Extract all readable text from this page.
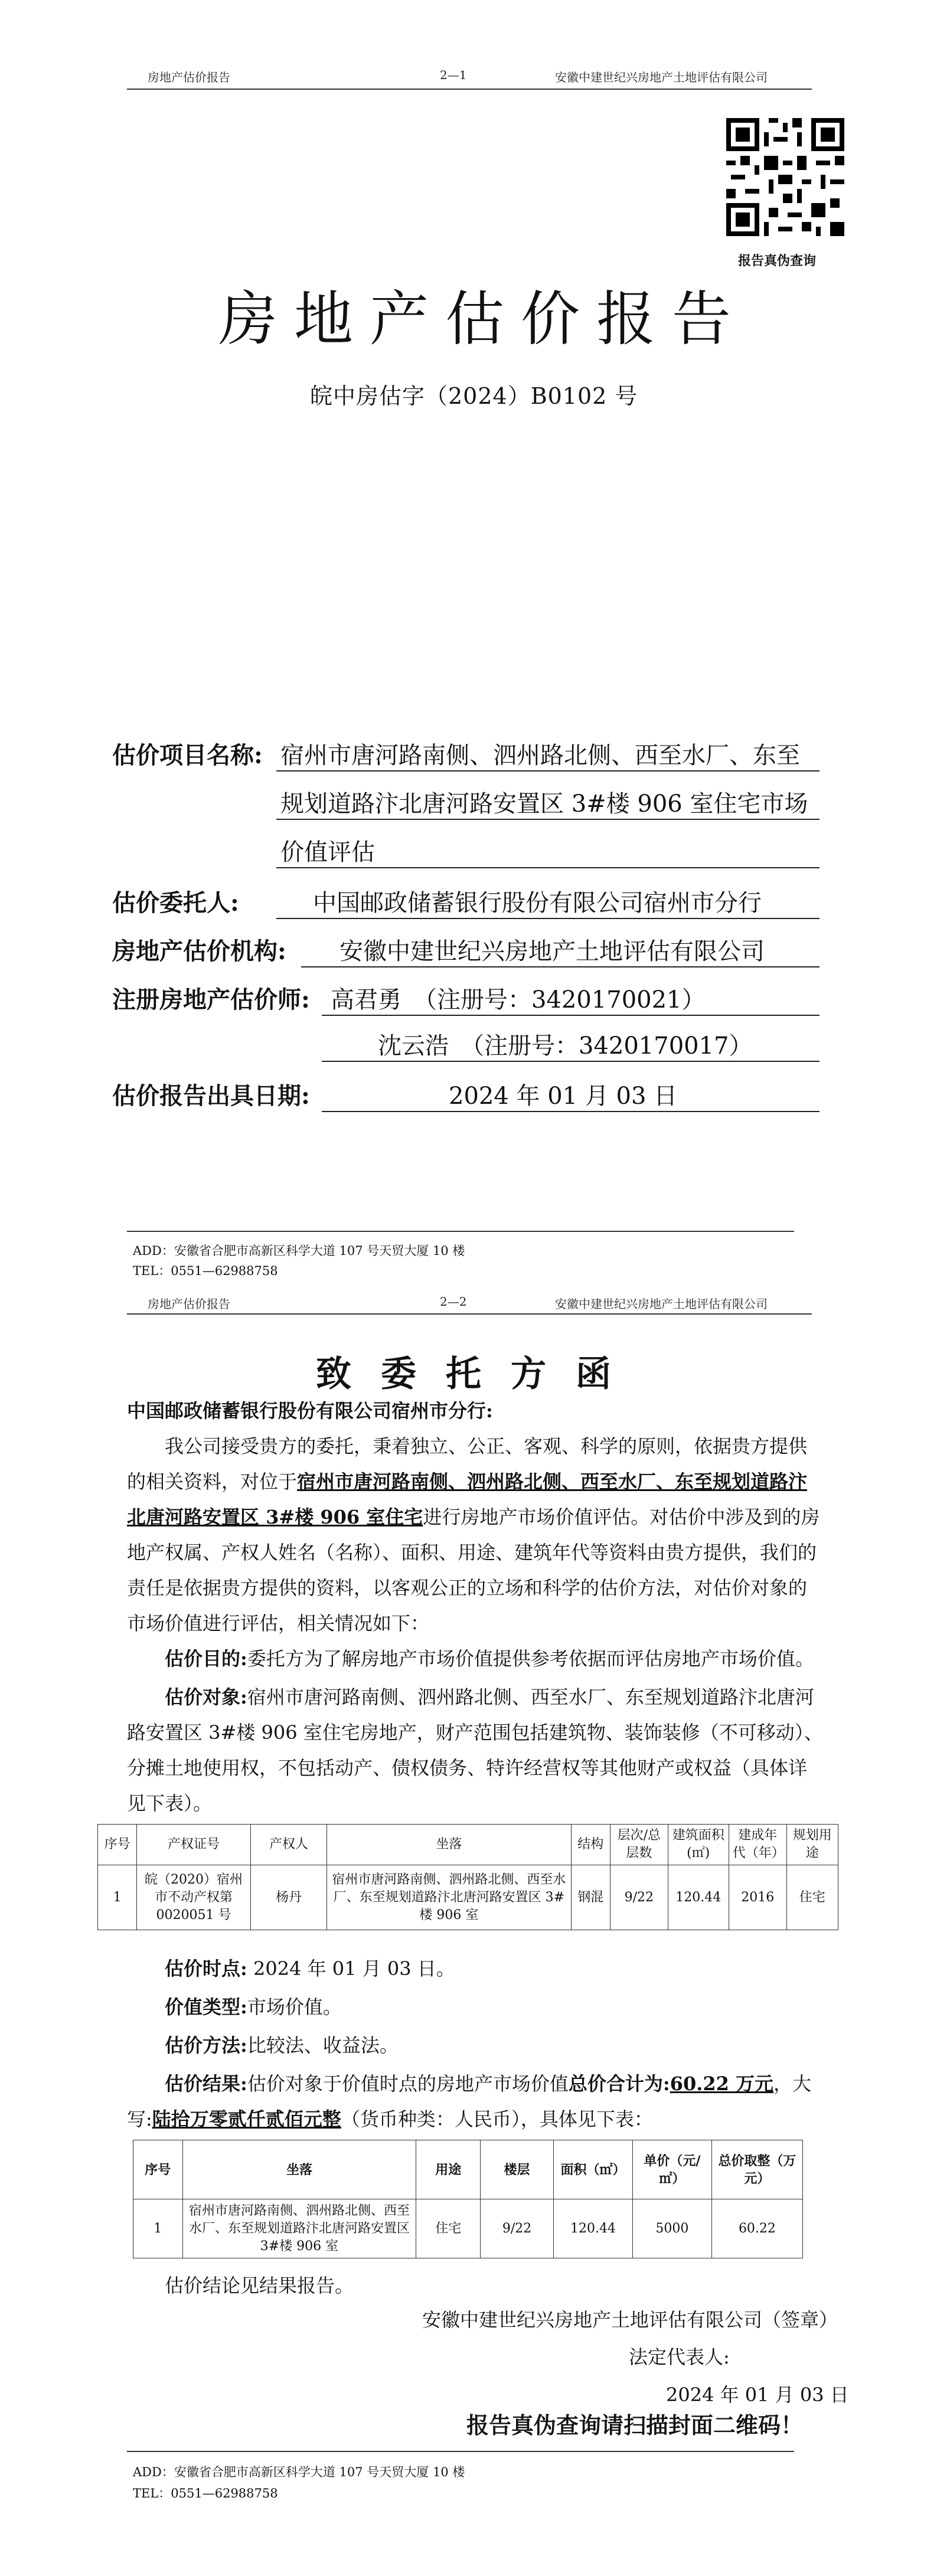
房地产估价报告	2—1	安徽中建世纪兴房地产土地评估有限公司
报告真伪查询
房地产估价报告
皖中房估字（2024）B0102 号
估价项目名称: 宿州市唐河路南侧、泗州路北侧、西至水厂、东至
规划道路汴北唐河路安置区 3#楼 906 室住宅市场
价值评估
估价委托人:	中国邮政储蓄银行股份有限公司宿州市分行
房地产估价机构: 安徽中建世纪兴房地产土地评估有限公司
注册房地产估价师: 高君勇　（注册号：3420170021）
沈云浩　（注册号：3420170017）
估价报告出具日期:	2024 年 01 月 03 日
ADD：安徽省合肥市高新区科学大道 107 号天贸大厦 10 楼
TEL：0551—62988758
房地产估价报告	2—2	安徽中建世纪兴房地产土地评估有限公司
致委托方函
中国邮政储蓄银行股份有限公司宿州市分行:
我公司接受贵方的委托，秉着独立、公正、客观、科学的原则，依据贵方提供的相关资料，对位于宿州市唐河路南侧、泗州路北侧、西至水厂、东至规划道路汴北唐河路安置区 3#楼 906 室住宅进行房地产市场价值评估。对估价中涉及到的房地产权属、产权人姓名（名称）、面积、用途、建筑年代等资料由贵方提供，我们的责任是依据贵方提供的资料，以客观公正的立场和科学的估价方法，对估价对象的市场价值进行评估，相关情况如下：
估价目的:委托方为了解房地产市场价值提供参考依据而评估房地产市场价值。
估价对象:宿州市唐河路南侧、泗州路北侧、西至水厂、东至规划道路汴北唐河路安置区 3#楼 906 室住宅房地产，财产范围包括建筑物、装饰装修（不可移动）、分摊土地使用权，不包括动产、债权债务、特许经营权等其他财产或权益（具体详见下表）。
序号	产权证号	产权人	坐落	结构	层次/总层数	建筑面积(㎡)	建成年代（年）	规划用途
1	皖（2020）宿州市不动产权第0020051 号	杨丹	宿州市唐河路南侧、泗州路北侧、西至水厂、东至规划道路汴北唐河路安置区 3#楼 906 室	钢混	9/22	120.44	2016	住宅
估价时点: 2024 年 01 月 03 日。
价值类型:市场价值。
估价方法:比较法、收益法。
估价结果:估价对象于价值时点的房地产市场价值总价合计为:60.22 万元，大写:陆拾万零贰仟贰佰元整（货币种类：人民币），具体见下表：
序号	坐落	用途	楼层	面积（㎡）	单价（元/㎡）	总价取整（万元）
1	宿州市唐河路南侧、泗州路北侧、西至水厂、东至规划道路汴北唐河路安置区 3#楼 906 室	住宅	9/22	120.44	5000	60.22
估价结论见结果报告。
安徽中建世纪兴房地产土地评估有限公司（签章）
法定代表人:
2024 年 01 月 03 日
报告真伪查询请扫描封面二维码！
ADD：安徽省合肥市高新区科学大道 107 号天贸大厦 10 楼
TEL：0551—62988758
